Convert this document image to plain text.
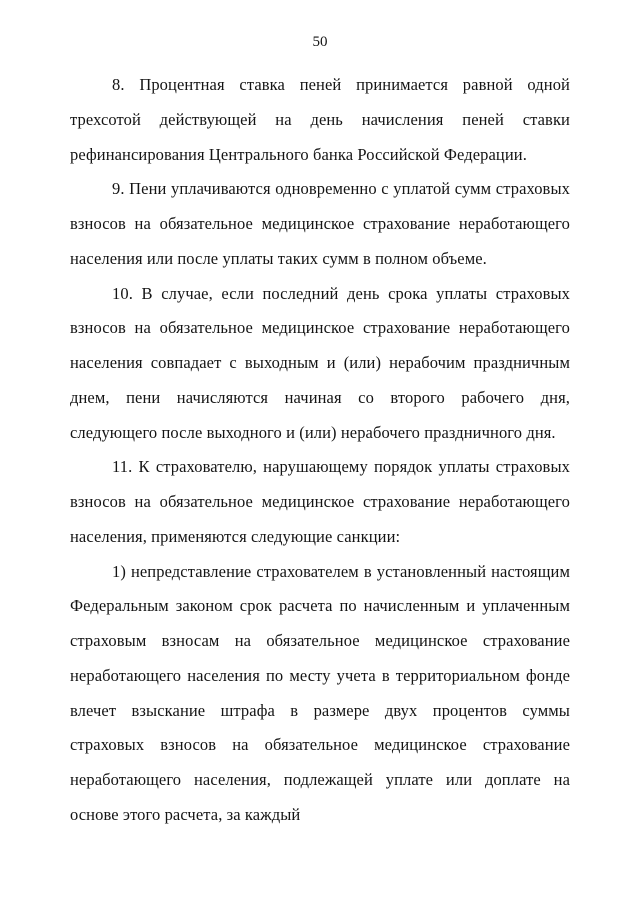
50

8. Процентная ставка пеней принимается равной одной трехсотой действующей на день начисления пеней ставки рефинансирования Центрального банка Российской Федерации.

9. Пени уплачиваются одновременно с уплатой сумм страховых взносов на обязательное медицинское страхование неработающего населения или после уплаты таких сумм в полном объеме.

10. В случае, если последний день срока уплаты страховых взносов на обязательное медицинское страхование неработающего населения совпадает с выходным и (или) нерабочим праздничным днем, пени начисляются начиная со второго рабочего дня, следующего после выходного и (или) нерабочего праздничного дня.

11. К страхователю, нарушающему порядок уплаты страховых взносов на обязательное медицинское страхование неработающего населения, применяются следующие санкции:

1) непредставление страхователем в установленный настоящим Федеральным законом срок расчета по начисленным и уплаченным страховым взносам на обязательное медицинское страхование неработающего населения по месту учета в территориальном фонде влечет взыскание штрафа в размере двух процентов суммы страховых взносов на обязательное медицинское страхование неработающего населения, подлежащей уплате или доплате на основе этого расчета, за каждый
